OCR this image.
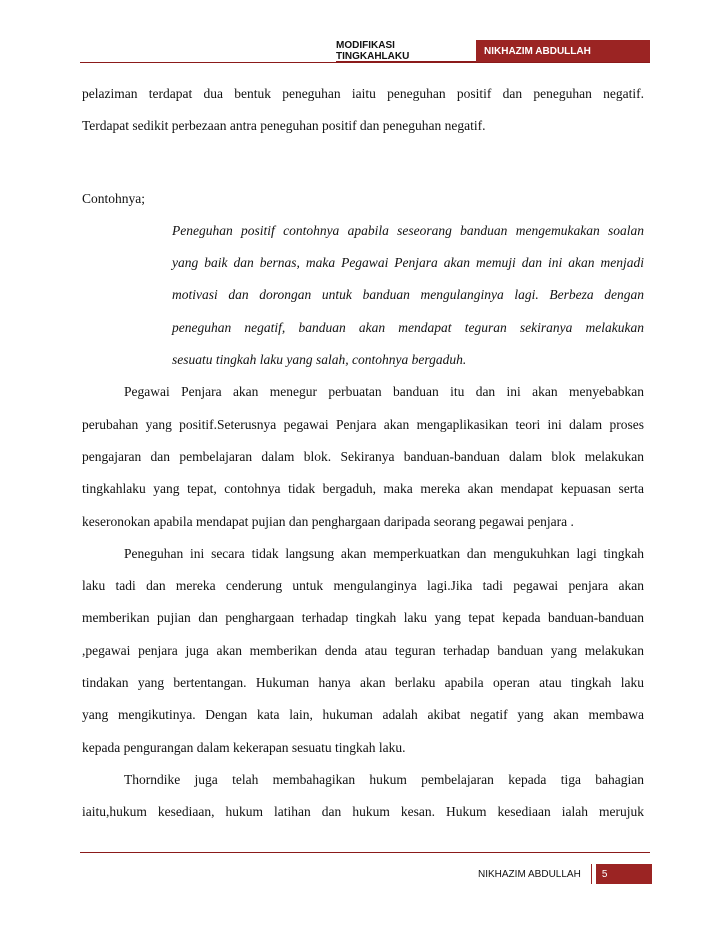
MODIFIKASI TINGKAHLAKU	NIKHAZIM ABDULLAH
pelaziman terdapat dua bentuk peneguhan iaitu peneguhan positif dan peneguhan negatif.
Terdapat sedikit perbezaan antra peneguhan positif dan peneguhan negatif.
Contohnya;
Peneguhan positif contohnya apabila seseorang banduan mengemukakan soalan
yang baik dan bernas, maka Pegawai Penjara akan memuji dan ini akan menjadi
motivasi dan dorongan untuk banduan mengulanginya lagi. Berbeza dengan
peneguhan negatif, banduan akan mendapat teguran sekiranya melakukan
sesuatu tingkah laku yang salah, contohnya bergaduh.
Pegawai Penjara akan menegur perbuatan banduan itu dan ini akan menyebabkan
perubahan yang positif.Seterusnya pegawai Penjara akan mengaplikasikan teori ini dalam proses
pengajaran dan pembelajaran dalam blok. Sekiranya banduan-banduan dalam blok melakukan
tingkahlaku yang tepat, contohnya tidak bergaduh, maka mereka akan mendapat kepuasan serta
keseronokan apabila mendapat pujian dan penghargaan daripada seorang pegawai penjara .
Peneguhan ini secara tidak langsung akan memperkuatkan dan mengukuhkan lagi tingkah
laku tadi dan mereka cenderung untuk mengulanginya lagi.Jika tadi pegawai penjara akan
memberikan pujian dan penghargaan terhadap tingkah laku yang tepat kepada banduan-banduan
,pegawai penjara juga akan memberikan denda atau teguran terhadap banduan yang melakukan
tindakan yang bertentangan. Hukuman hanya akan berlaku apabila operan atau tingkah laku
yang mengikutinya. Dengan kata lain, hukuman adalah akibat negatif yang akan membawa
kepada pengurangan dalam kekerapan sesuatu tingkah laku.
Thorndike juga telah membahagikan hukum pembelajaran kepada tiga bahagian
iaitu,hukum kesediaan, hukum latihan dan hukum kesan. Hukum kesediaan ialah merujuk
NIKHAZIM ABDULLAH	5
